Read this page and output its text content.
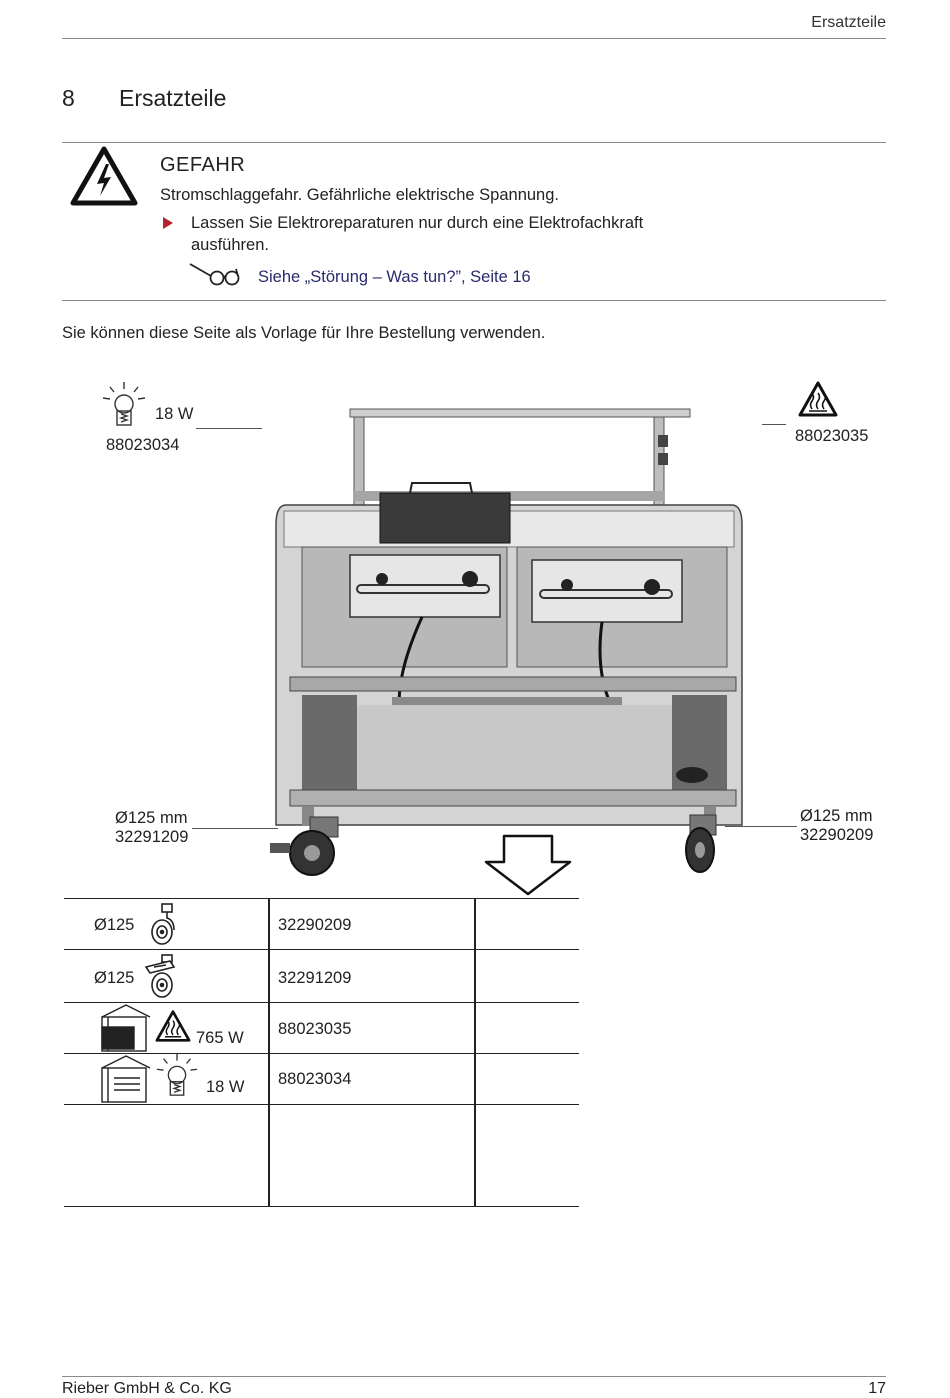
Ersatzteile
8 Ersatzteile
GEFAHR
Stromschlaggefahr. Gefährliche elektrische Spannung.
Lassen Sie Elektroreparaturen nur durch eine Elektrofachkraft ausführen.
Siehe „Störung – Was tun?”, Seite 16
Sie können diese Seite als Vorlage für Ihre Bestellung verwenden.
18 W
88023034	88023035
Ø125 mm
32291209
Ø125 mm
32290209
Ø125	32290209
Ø125	32291209
765 W 88023035
18 W 88023034
Rieber GmbH & Co. KG	17
